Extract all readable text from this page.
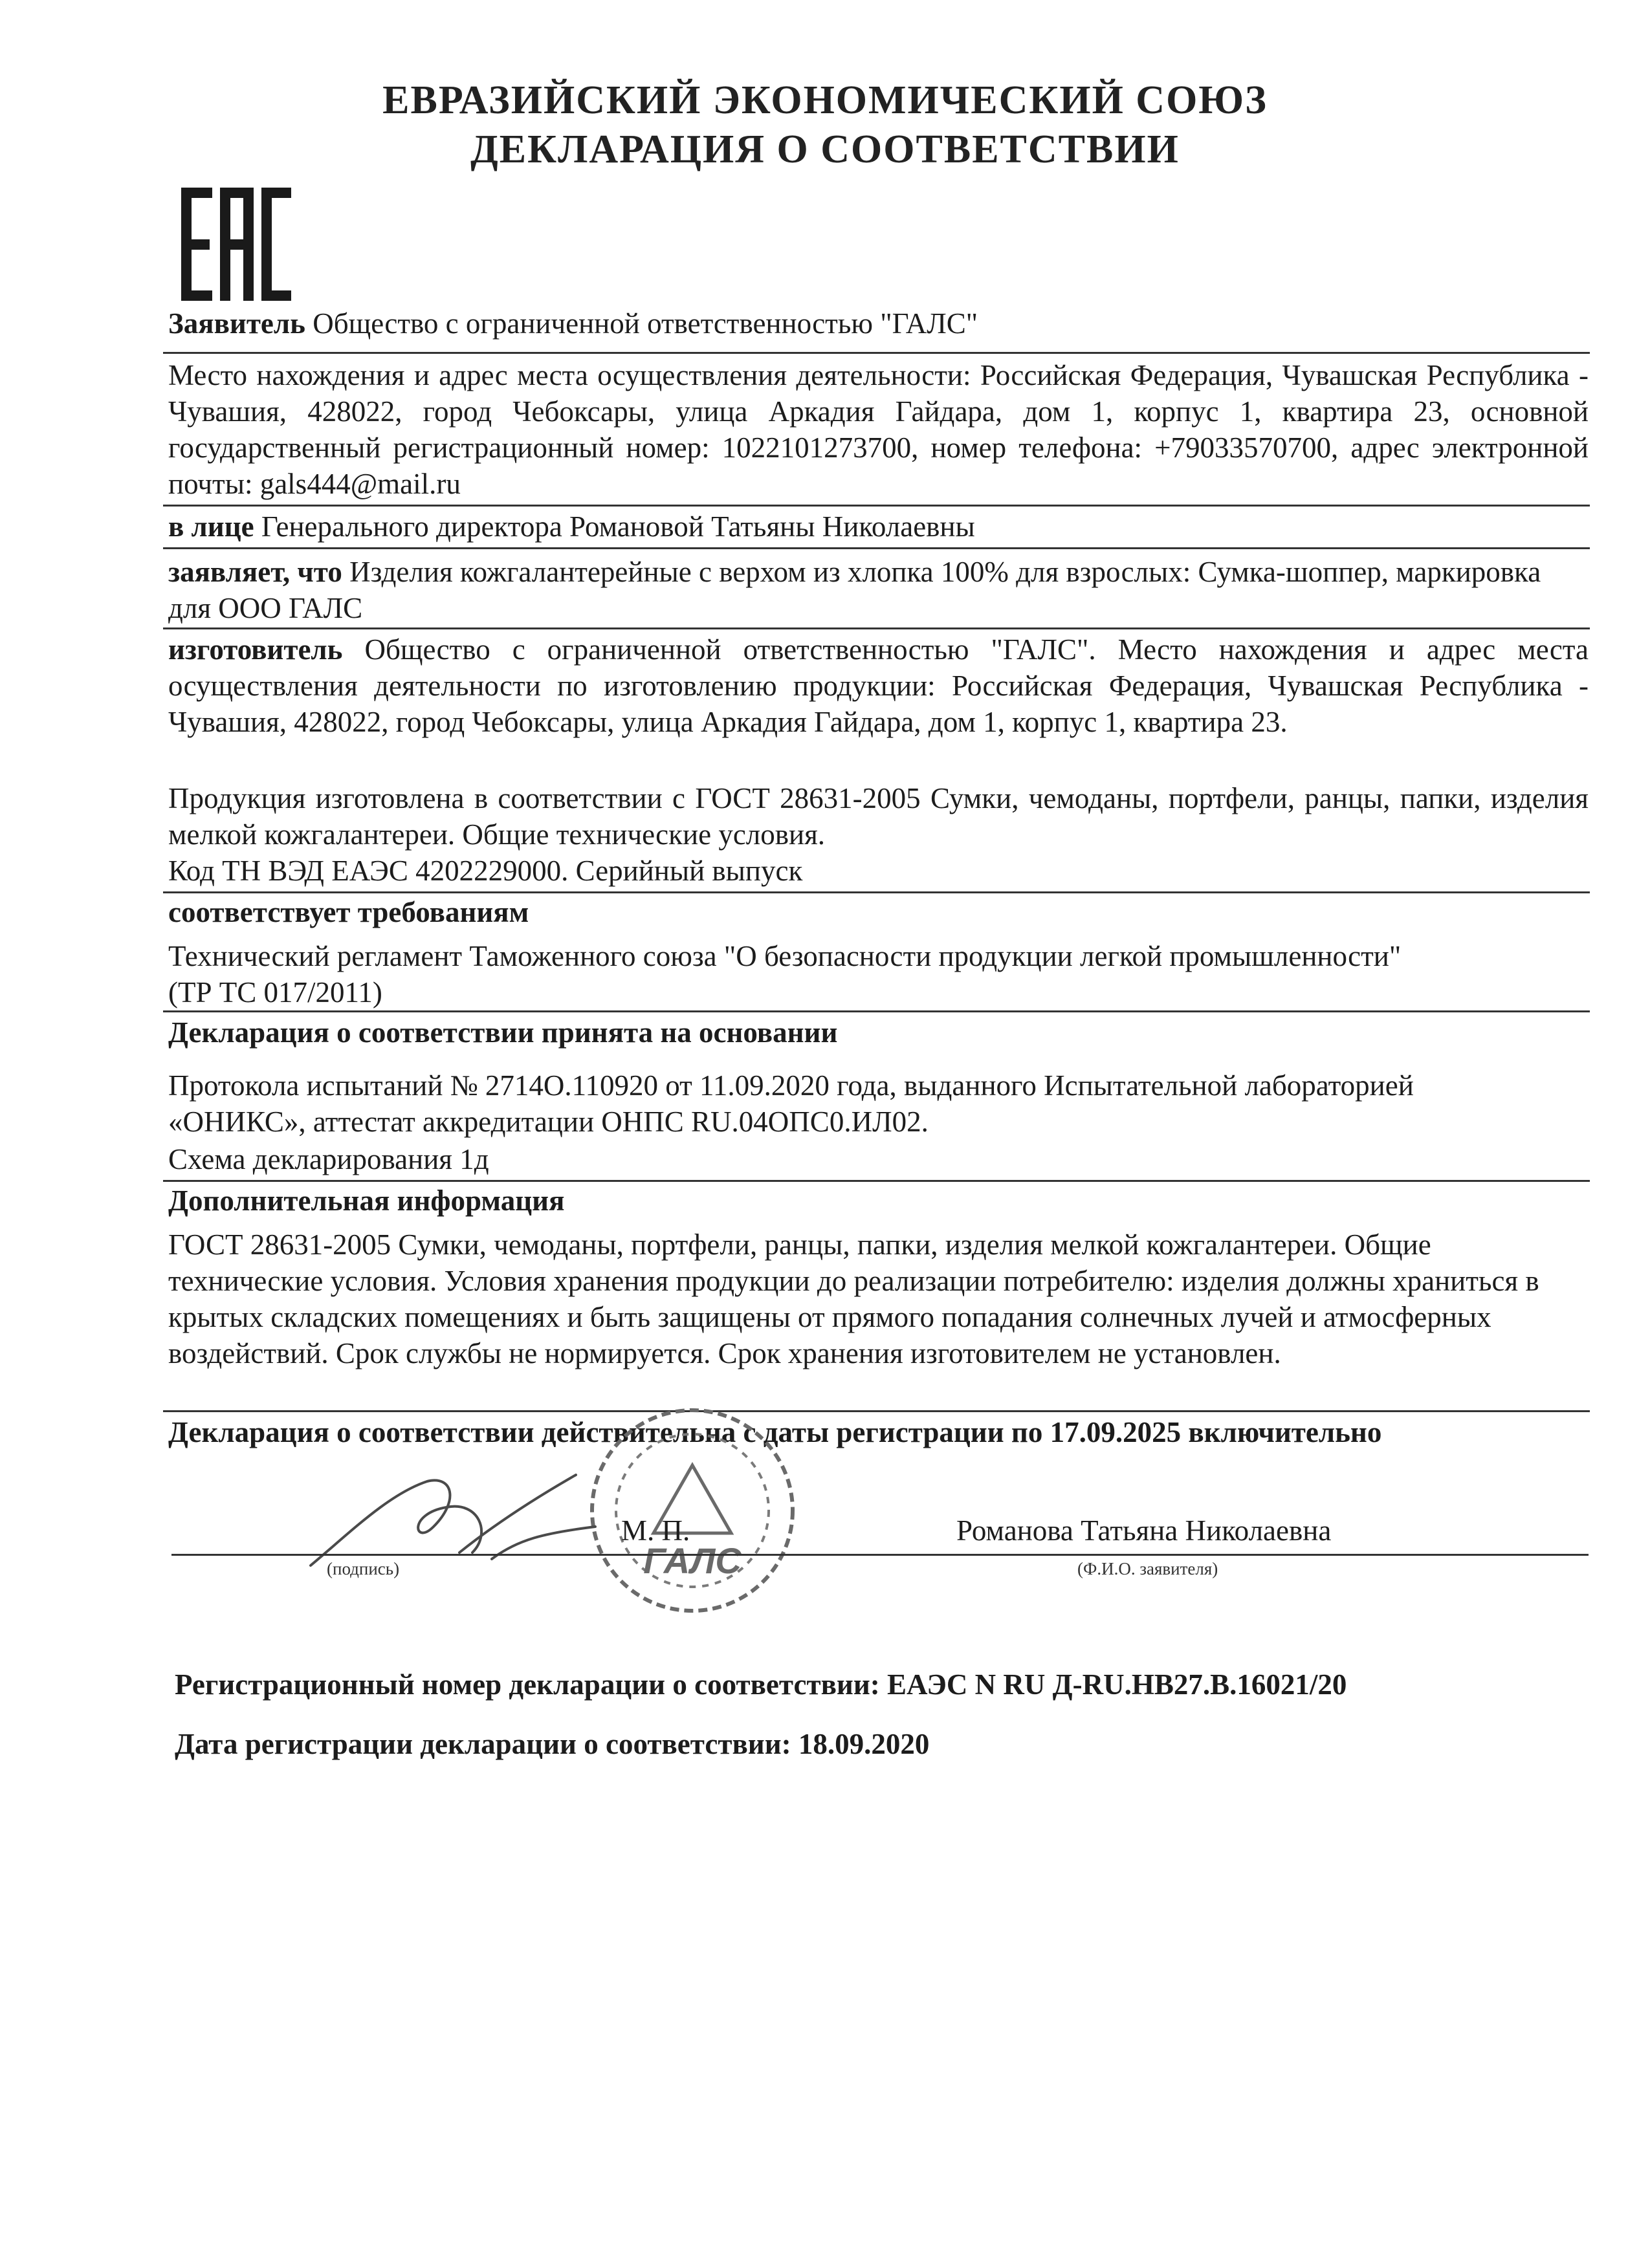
ЕВРАЗИЙСКИЙ ЭКОНОМИЧЕСКИЙ СОЮЗ
ДЕКЛАРАЦИЯ О СООТВЕТСТВИИ
Заявитель Общество с ограниченной ответственностью "ГАЛС"
Место нахождения и адрес места осуществления деятельности: Российская Федерация, Чувашская Республика - Чувашия, 428022, город Чебоксары, улица Аркадия Гайдара, дом 1, корпус 1, квартира 23, основной государственный регистрационный номер: 1022101273700, номер телефона: +79033570700, адрес электронной почты: gals444@mail.ru
в лице Генерального директора Романовой Татьяны Николаевны
заявляет, что Изделия кожгалантерейные с верхом из хлопка 100% для взрослых: Сумка-шоппер, маркировка для ООО ГАЛС
изготовитель Общество с ограниченной ответственностью "ГАЛС". Место нахождения и адрес места осуществления деятельности по изготовлению продукции: Российская Федерация, Чувашская Республика - Чувашия, 428022, город Чебоксары, улица Аркадия Гайдара, дом 1, корпус 1, квартира 23.
Продукция изготовлена в соответствии с ГОСТ 28631-2005 Сумки, чемоданы, портфели, ранцы, папки, изделия мелкой кожгалантереи. Общие технические условия.
Код ТН ВЭД ЕАЭС 4202229000. Серийный выпуск
соответствует требованиям
Технический регламент Таможенного союза "О безопасности продукции легкой промышленности"
(ТР ТС 017/2011)
Декларация о соответствии принята на основании
Протокола испытаний № 2714О.110920 от 11.09.2020 года, выданного Испытательной лабораторией
«ОНИКС», аттестат аккредитации ОНПС RU.04ОПС0.ИЛ02.
Схема декларирования 1д
Дополнительная информация
ГОСТ 28631-2005 Сумки, чемоданы, портфели, ранцы, папки, изделия мелкой кожгалантереи. Общие технические условия. Условия хранения продукции до реализации потребителю: изделия должны храниться в крытых складских помещениях и быть защищены от прямого попадания солнечных лучей и атмосферных воздействий. Срок службы не нормируется. Срок хранения изготовителем не установлен.
Декларация о соответствии действительна с даты регистрации по 17.09.2025 включительно
ГАЛС
М. П.	Романова Татьяна Николаевна
(подпись)	(Ф.И.О. заявителя)
Регистрационный номер декларации о соответствии: ЕАЭС N RU Д-RU.НВ27.В.16021/20
Дата регистрации декларации о соответствии: 18.09.2020
